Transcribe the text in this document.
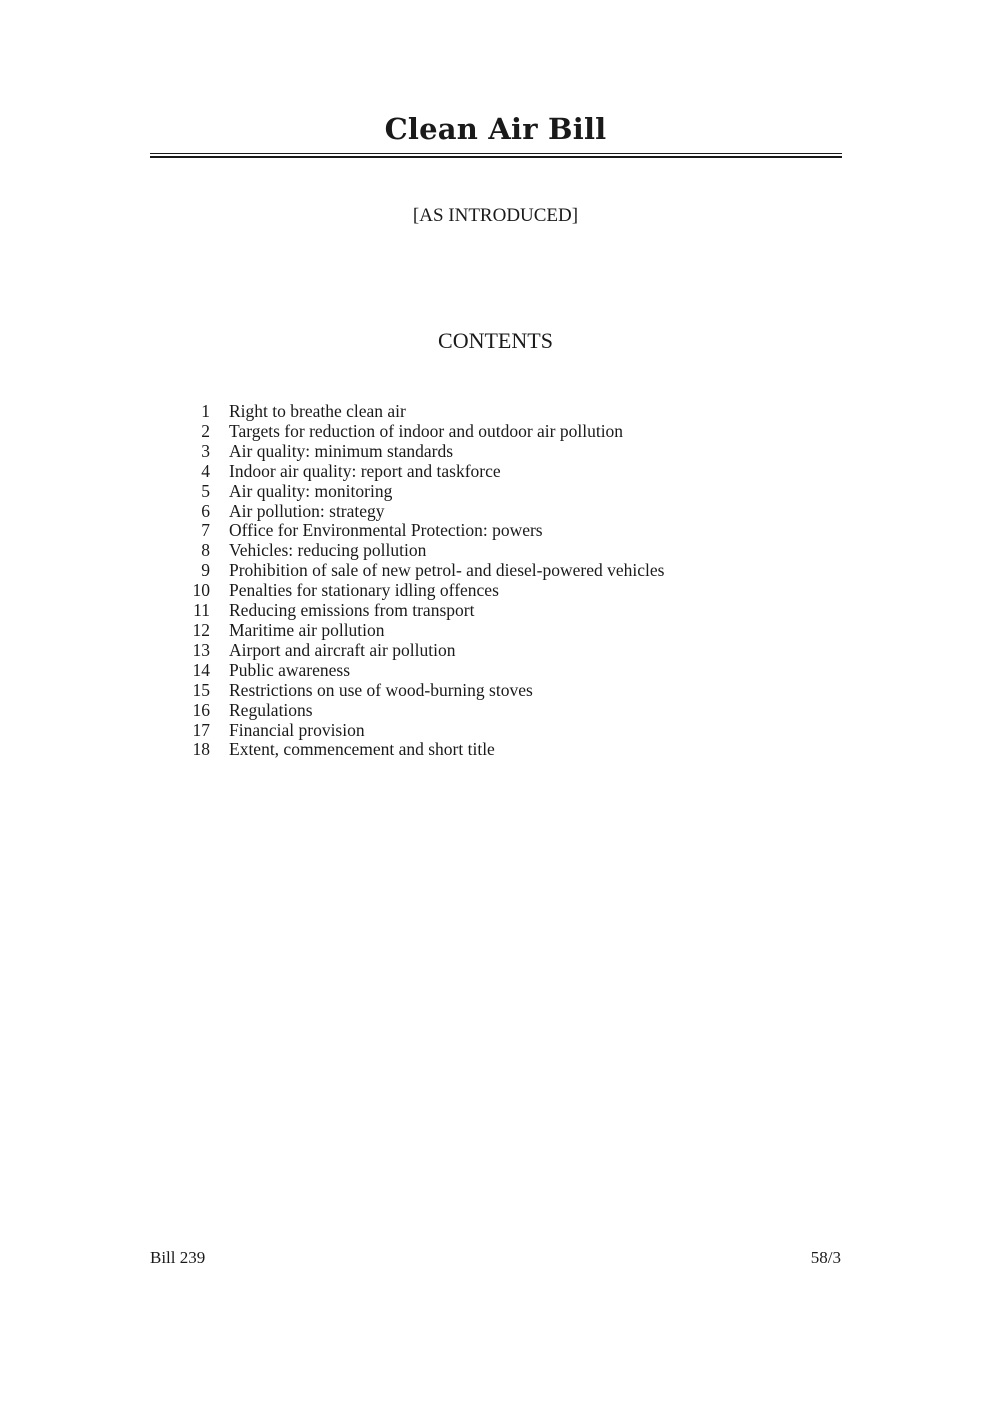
Clean Air Bill
[AS INTRODUCED]
CONTENTS
1	Right to breathe clean air
2	Targets for reduction of indoor and outdoor air pollution
3	Air quality: minimum standards
4	Indoor air quality: report and taskforce
5	Air quality: monitoring
6	Air pollution: strategy
7	Office for Environmental Protection: powers
8	Vehicles: reducing pollution
9	Prohibition of sale of new petrol- and diesel-powered vehicles
10	Penalties for stationary idling offences
11	Reducing emissions from transport
12	Maritime air pollution
13	Airport and aircraft air pollution
14	Public awareness
15	Restrictions on use of wood-burning stoves
16	Regulations
17	Financial provision
18	Extent, commencement and short title
Bill 239	58/3
